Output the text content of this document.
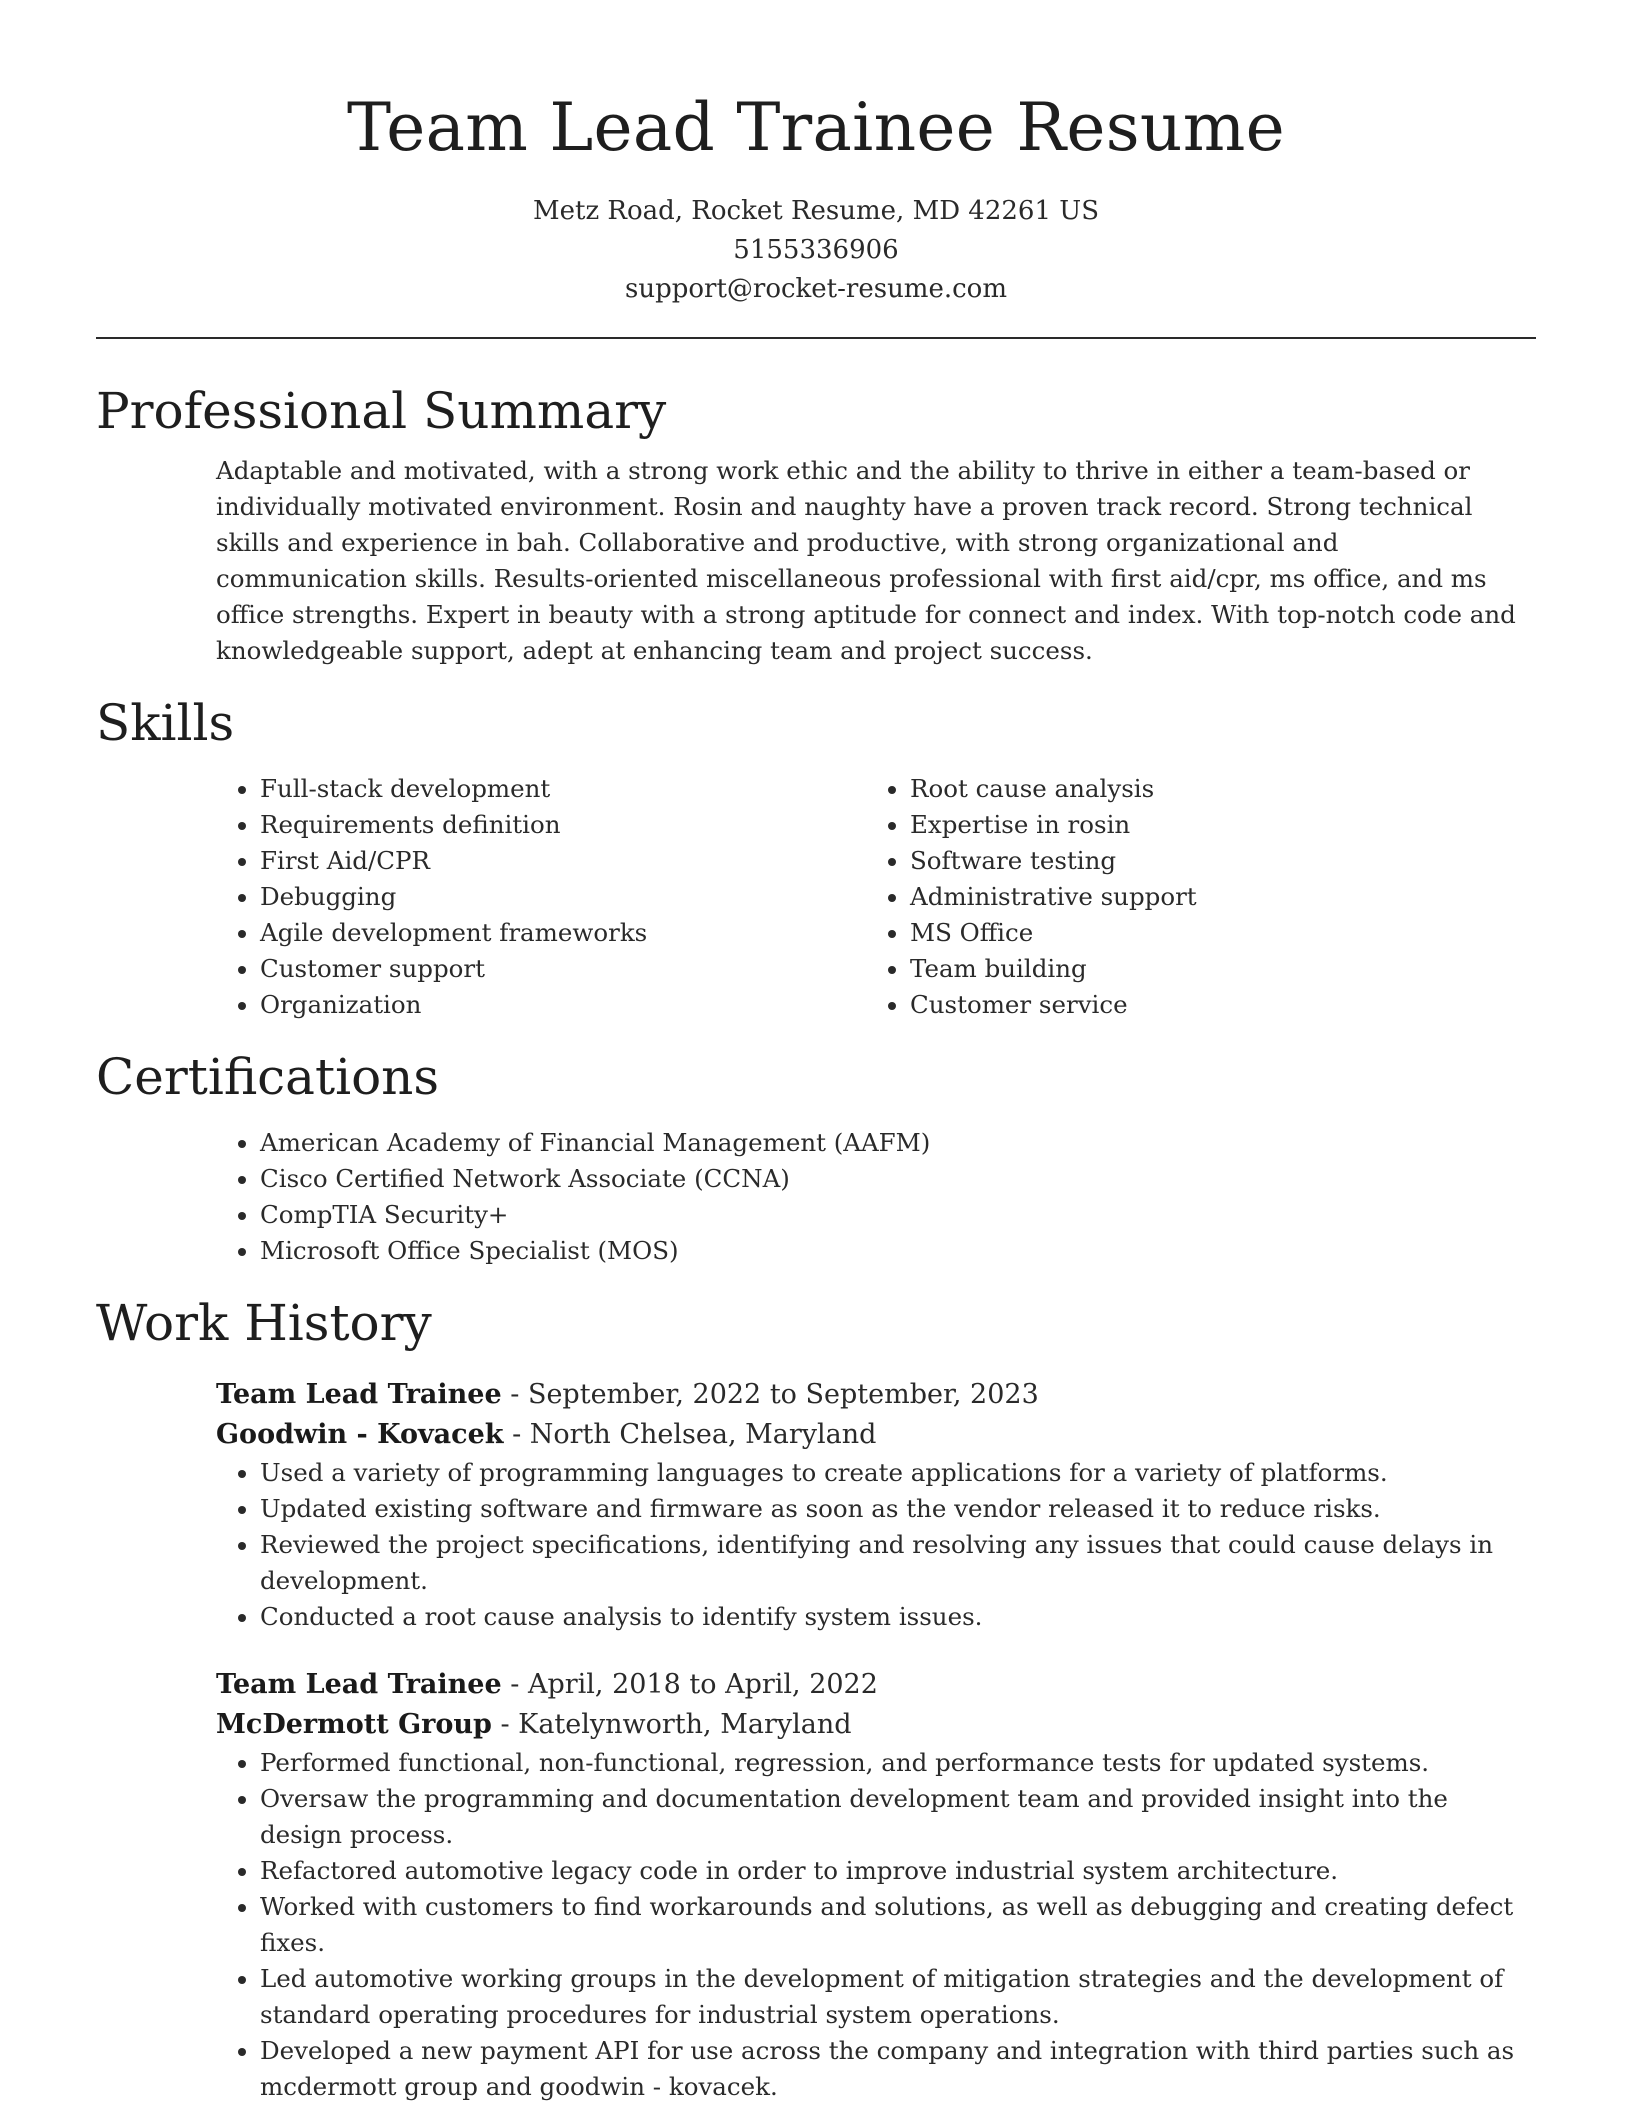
Team Lead Trainee Resume
Metz Road, Rocket Resume, MD 42261 US
5155336906
support@rocket-resume.com
Professional Summary

Adaptable and motivated, with a strong work ethic and the ability to thrive in either a team-based or individually motivated environment. Rosin and naughty have a proven track record. Strong technical skills and experience in bah. Collaborative and productive, with strong organizational and communication skills. Results-oriented miscellaneous professional with first aid/cpr, ms office, and ms office strengths. Expert in beauty with a strong aptitude for connect and index. With top-notch code and knowledgeable support, adept at enhancing team and project success.

Skills
• Full-stack development
• Requirements definition
• First Aid/CPR
• Debugging
• Agile development frameworks
• Customer support
• Organization
• Root cause analysis
• Expertise in rosin
• Software testing
• Administrative support
• MS Office
• Team building
• Customer service
Certifications
• American Academy of Financial Management (AAFM)
• Cisco Certified Network Associate (CCNA)
• CompTIA Security+
• Microsoft Office Specialist (MOS)
Work History
Team Lead Trainee - September, 2022 to September, 2023
Goodwin - Kovacek - North Chelsea, Maryland
• Used a variety of programming languages to create applications for a variety of platforms.
• Updated existing software and firmware as soon as the vendor released it to reduce risks.
• Reviewed the project specifications, identifying and resolving any issues that could cause delays in development.
• Conducted a root cause analysis to identify system issues.
Team Lead Trainee - April, 2018 to April, 2022
McDermott Group - Katelynworth, Maryland
• Performed functional, non-functional, regression, and performance tests for updated systems.
• Oversaw the programming and documentation development team and provided insight into the design process.
• Refactored automotive legacy code in order to improve industrial system architecture.
• Worked with customers to find workarounds and solutions, as well as debugging and creating defect fixes.
• Led automotive working groups in the development of mitigation strategies and the development of standard operating procedures for industrial system operations.
• Developed a new payment API for use across the company and integration with third parties such as mcdermott group and goodwin - kovacek.
